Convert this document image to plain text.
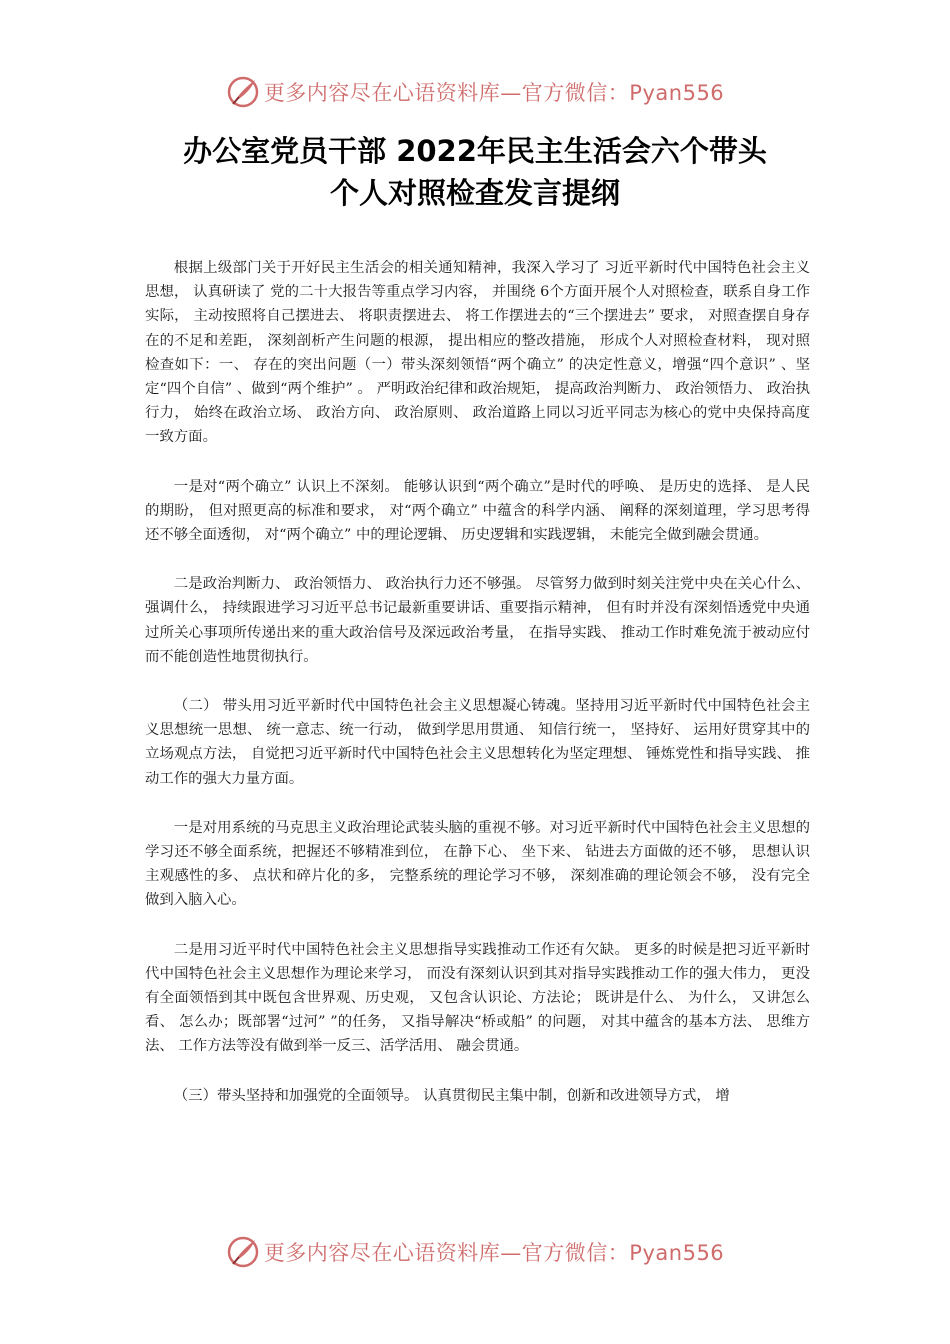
更多内容尽在心语资料库—官方微信：Pyan556
办公室党员干部 2022年民主生活会六个带头
个人对照检查发言提纲

根据上级部门关于开好民主生活会的相关通知精神，我深入学习了 习近平新时代中国特色社会主义思想， 认真研读了 党的二十大报告等重点学习内容， 并围绕 6个方面开展个人对照检查，联系自身工作实际， 主动按照将自己摆进去、 将职责摆进去、 将工作摆进去的“三个摆进去” 要求， 对照查摆自身存在的不足和差距， 深刻剖析产生问题的根源， 提出相应的整改措施， 形成个人对照检查材料， 现对照检查如下：一、 存在的突出问题（一）带头深刻领悟“两个确立” 的决定性意义，增强“四个意识” 、坚定“四个自信” 、做到“两个维护” 。 严明政治纪律和政治规矩， 提高政治判断力、 政治领悟力、 政治执行力， 始终在政治立场、 政治方向、 政治原则、 政治道路上同以习近平同志为核心的党中央保持高度一致方面。

一是对“两个确立” 认识上不深刻。 能够认识到“两个确立”是时代的呼唤、 是历史的选择、 是人民的期盼， 但对照更高的标准和要求， 对“两个确立” 中蕴含的科学内涵、 阐释的深刻道理，学习思考得还不够全面透彻， 对“两个确立” 中的理论逻辑、 历史逻辑和实践逻辑， 未能完全做到融会贯通。

二是政治判断力、 政治领悟力、 政治执行力还不够强。 尽管努力做到时刻关注党中央在关心什么、强调什么， 持续跟进学习习近平总书记最新重要讲话、重要指示精神， 但有时并没有深刻悟透党中央通过所关心事项所传递出来的重大政治信号及深远政治考量， 在指导实践、 推动工作时难免流于被动应付而不能创造性地贯彻执行。

（二） 带头用习近平新时代中国特色社会主义思想凝心铸魂。坚持用习近平新时代中国特色社会主义思想统一思想、 统一意志、统一行动， 做到学思用贯通、 知信行统一， 坚持好、 运用好贯穿其中的立场观点方法， 自觉把习近平新时代中国特色社会主义思想转化为坚定理想、 锤炼党性和指导实践、 推动工作的强大力量方面。

一是对用系统的马克思主义政治理论武装头脑的重视不够。对习近平新时代中国特色社会主义思想的学习还不够全面系统，把握还不够精准到位， 在静下心、 坐下来、 钻进去方面做的还不够， 思想认识主观感性的多、 点状和碎片化的多， 完整系统的理论学习不够， 深刻准确的理论领会不够， 没有完全做到入脑入心。

二是用习近平时代中国特色社会主义思想指导实践推动工作还有欠缺。 更多的时候是把习近平新时代中国特色社会主义思想作为理论来学习， 而没有深刻认识到其对指导实践推动工作的强大伟力， 更没有全面领悟到其中既包含世界观、历史观， 又包含认识论、方法论； 既讲是什么、 为什么， 又讲怎么看、 怎么办；既部署“过河” ”的任务， 又指导解决“桥或船” 的问题， 对其中蕴含的基本方法、 思维方法、 工作方法等没有做到举一反三、活学活用、 融会贯通。

（三）带头坚持和加强党的全面领导。 认真贯彻民主集中制，创新和改进领导方式， 增

更多内容尽在心语资料库—官方微信：Pyan556
